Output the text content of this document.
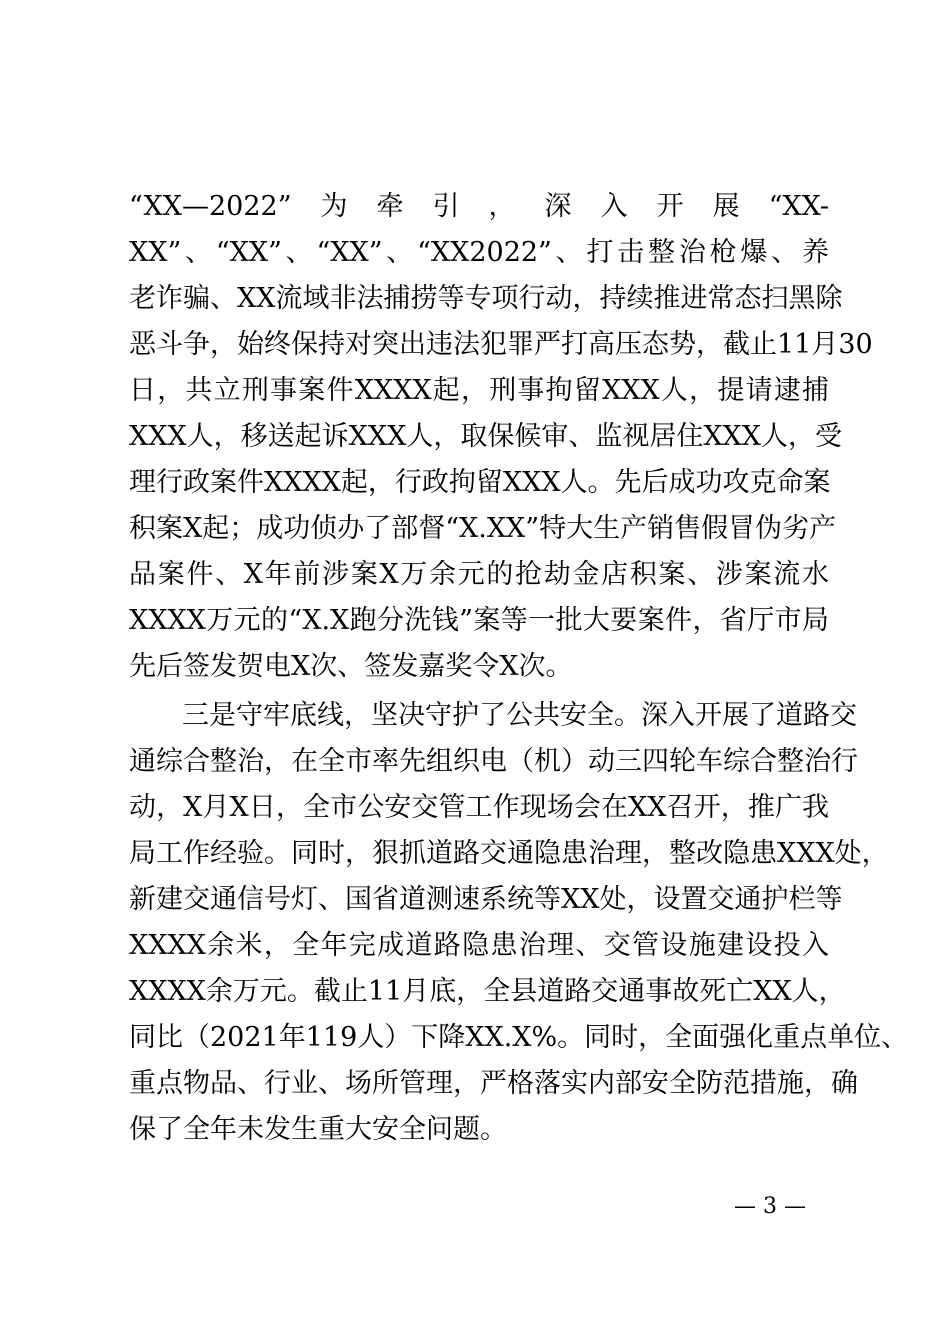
“XX—2022”为牵引，深入开展“XX-
XX”、“XX”、“XX”、“XX2022”、打击整治枪爆、养
老诈骗、XX流域非法捕捞等专项行动，持续推进常态扫黑除
恶斗争，始终保持对突出违法犯罪严打高压态势，截止11月30
日，共立刑事案件XXXX起，刑事拘留XXX人，提请逮捕
XXX人，移送起诉XXX人，取保候审、监视居住XXX人，受
理行政案件XXXX起，行政拘留XXX人。先后成功攻克命案
积案X起；成功侦办了部督“X.XX”特大生产销售假冒伪劣产
品案件、X年前涉案X万余元的抢劫金店积案、涉案流水
XXXX万元的“X.X跑分洗钱”案等一批大要案件，省厅市局
先后签发贺电X次、签发嘉奖令X次。
三是守牢底线，坚决守护了公共安全。深入开展了道路交
通综合整治，在全市率先组织电（机）动三四轮车综合整治行
动，X月X日，全市公安交管工作现场会在XX召开，推广我
局工作经验。同时，狠抓道路交通隐患治理，整改隐患XXX处，
新建交通信号灯、国省道测速系统等XX处，设置交通护栏等
XXXX余米，全年完成道路隐患治理、交管设施建设投入
XXXX余万元。截止11月底，全县道路交通事故死亡XX人，
同比（2021年119人）下降XX.X%。同时，全面强化重点单位、
重点物品、行业、场所管理，严格落实内部安全防范措施，确
保了全年未发生重大安全问题。
— 3 —
